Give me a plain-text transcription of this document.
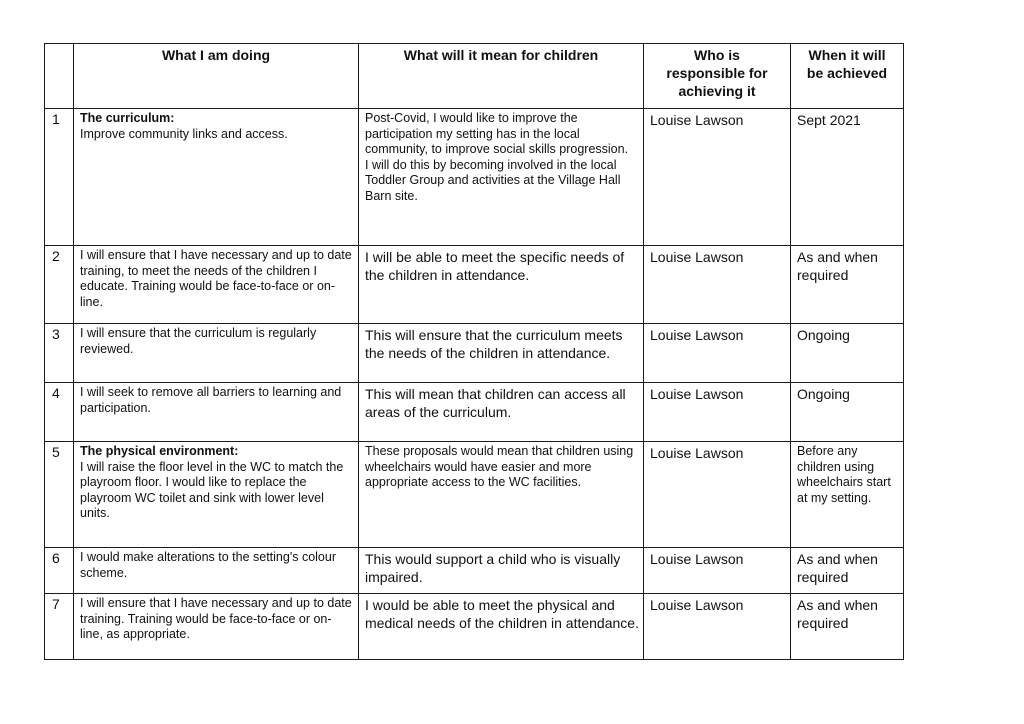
	What I am doing	What will it mean for children	Who is
responsible for
achieving it	When it will
be achieved

1	The curriculum:
Improve community links and access.	Post-Covid, I would like to improve the participation my setting has in the local community, to improve social skills progression.
I will do this by becoming involved in the local Toddler Group and activities at the Village Hall Barn site.	Louise Lawson	Sept 2021
2	I will ensure that I have necessary and up to date training, to meet the needs of the children I educate. Training would be face-to-face or on-line.	I will be able to meet the specific needs of the children in attendance.	Louise Lawson	As and when required
3	I will ensure that the curriculum is regularly reviewed.	This will ensure that the curriculum meets the needs of the children in attendance.	Louise Lawson	Ongoing
4	I will seek to remove all barriers to learning and participation.	This will mean that children can access all areas of the curriculum.	Louise Lawson	Ongoing
5	The physical environment:
I will raise the floor level in the WC to match the playroom floor. I would like to replace the playroom WC toilet and sink with lower level units.	These proposals would mean that children using wheelchairs would have easier and more appropriate access to the WC facilities.	Louise Lawson	Before any children using wheelchairs start at my setting.
6	I would make alterations to the setting's colour scheme.	This would support a child who is visually impaired.	Louise Lawson	As and when required
7	I will ensure that I have necessary and up to date training. Training would be face-to-face or on-line, as appropriate.	I would be able to meet the physical and medical needs of the children in attendance.	Louise Lawson	As and when required
